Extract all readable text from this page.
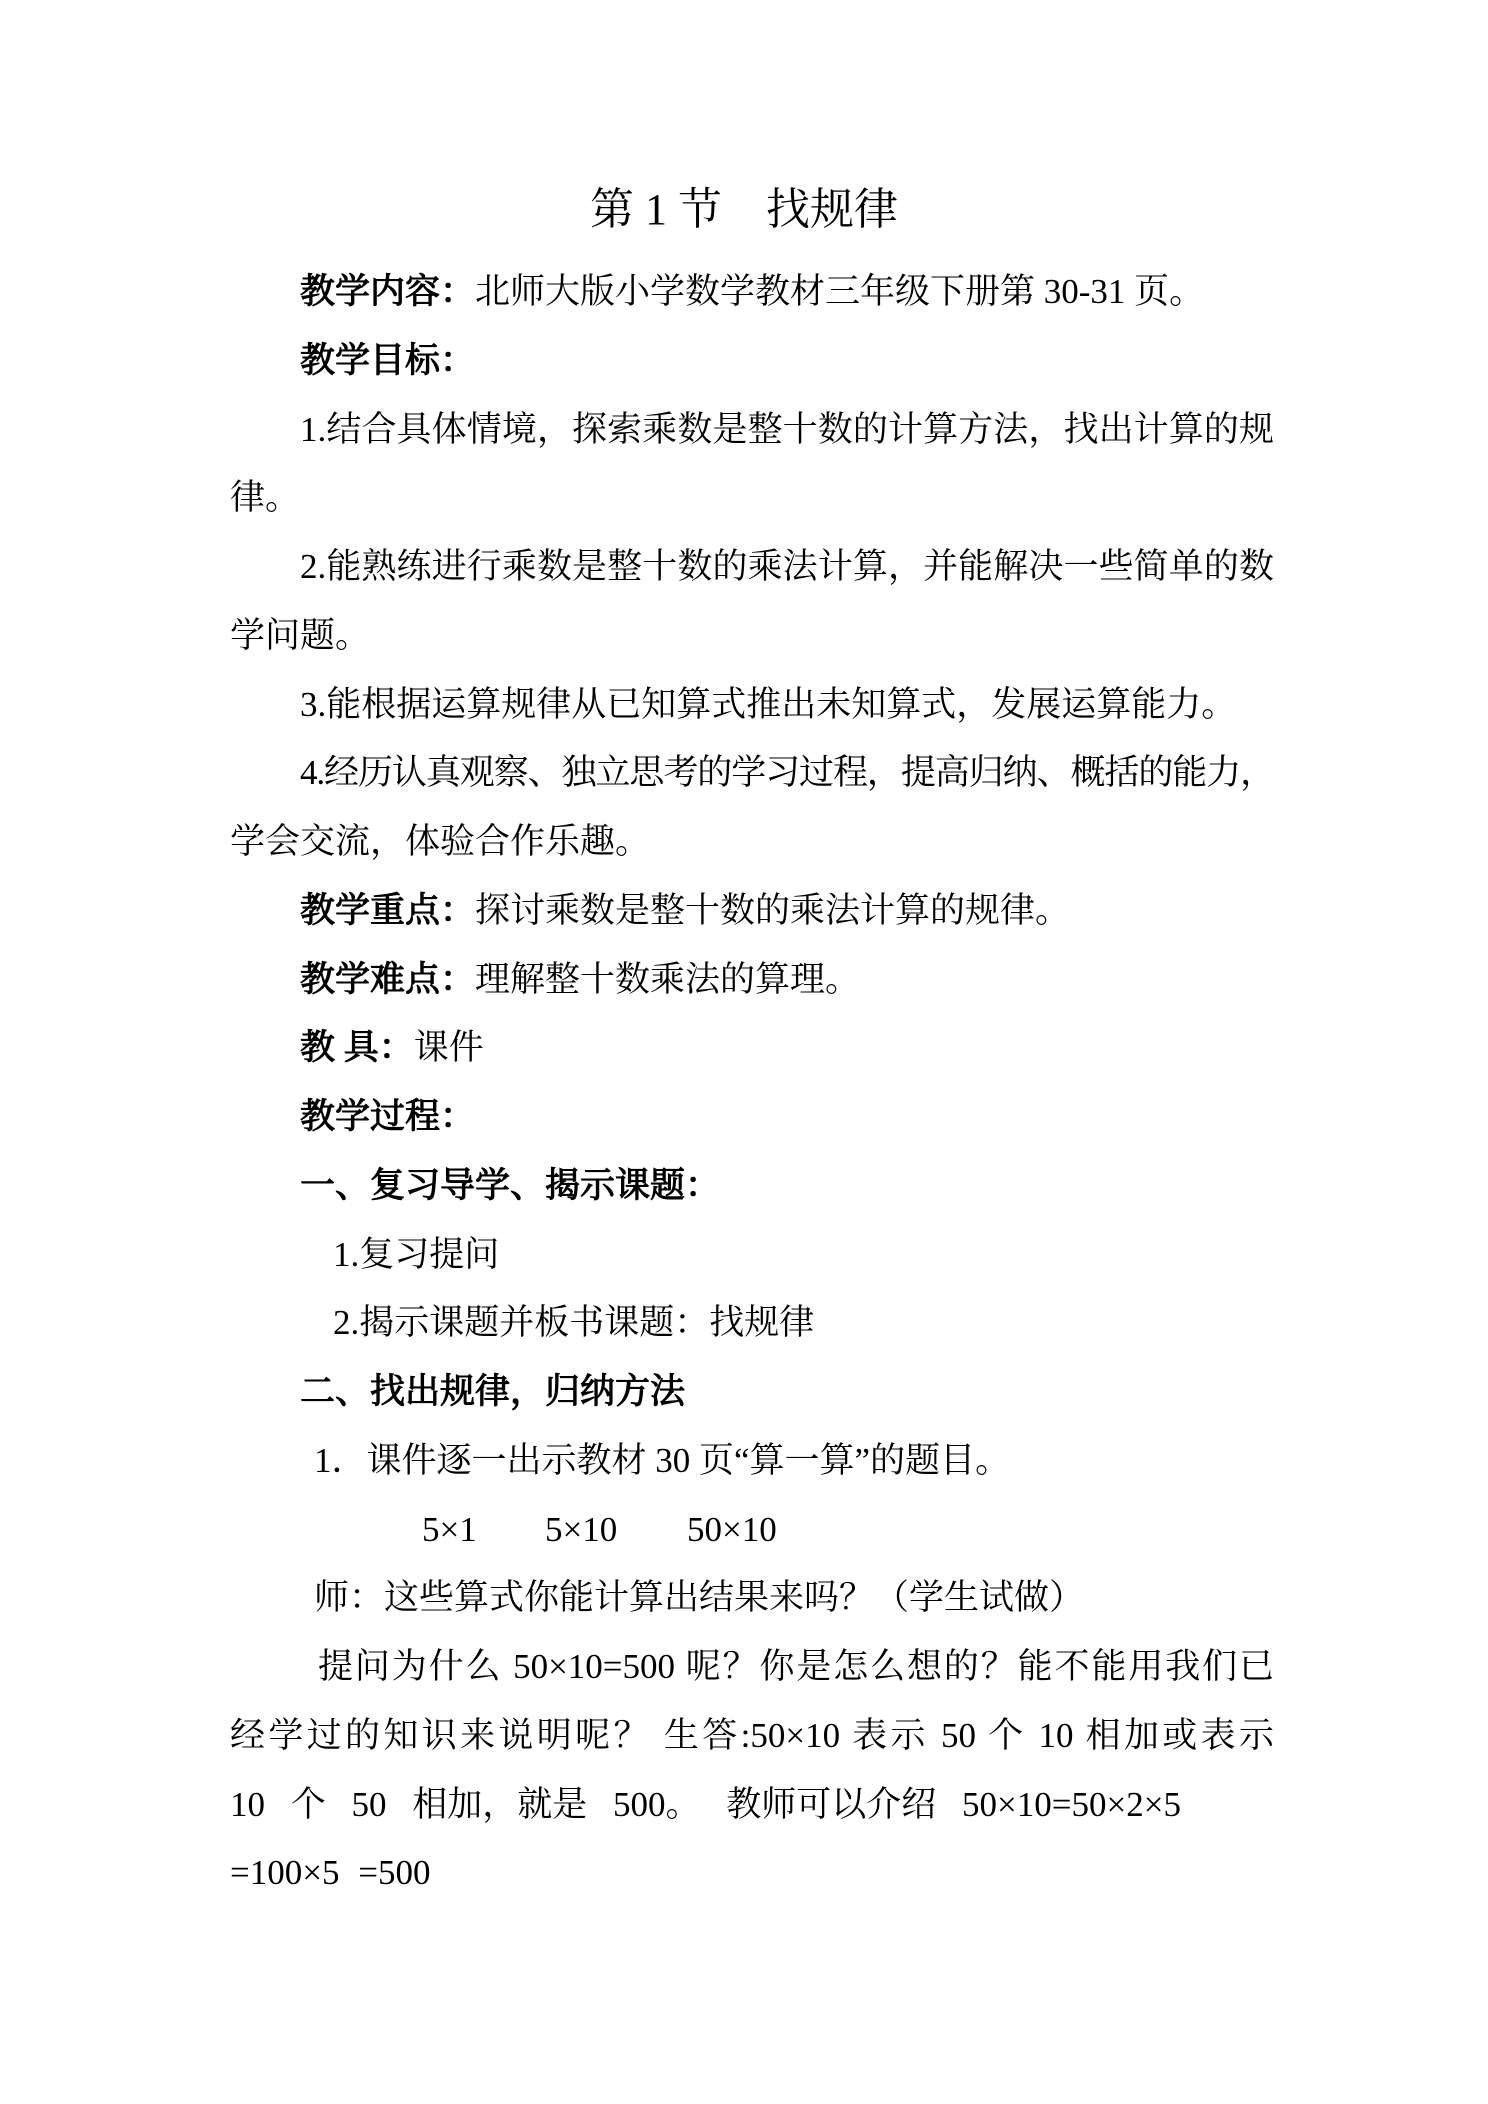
第 1 节　找规律
教学内容：北师大版小学数学教材三年级下册第 30-31 页。
教学目标：
1.结合具体情境，探索乘数是整十数的计算方法，找出计算的规
律。
2.能熟练进行乘数是整十数的乘法计算，并能解决一些简单的数
学问题。
3.能根据运算规律从已知算式推出未知算式，发展运算能力。
4.经历认真观察、独立思考的学习过程，提高归纳、概括的能力，
学会交流，体验合作乐趣。
教学重点：探讨乘数是整十数的乘法计算的规律。
教学难点：理解整十数乘法的算理。
教 具：课件
教学过程：
一、复习导学、揭示课题：
1.复习提问
2.揭示课题并板书课题：找规律
二、找出规律，归纳方法
1．课件逐一出示教材 30 页“算一算”的题目。
5×1 5×10 50×10
师：这些算式你能计算出结果来吗？（学生试做）
提问为什么 50×10=500 呢？你是怎么想的？能不能用我们已
经学过的知识来说明呢？ 生答:50×10 表示 50 个 10 相加或表示
10 个 50 相加，就是 500。 教师可以介绍 50×10=50×2×5
=100×5 =500
